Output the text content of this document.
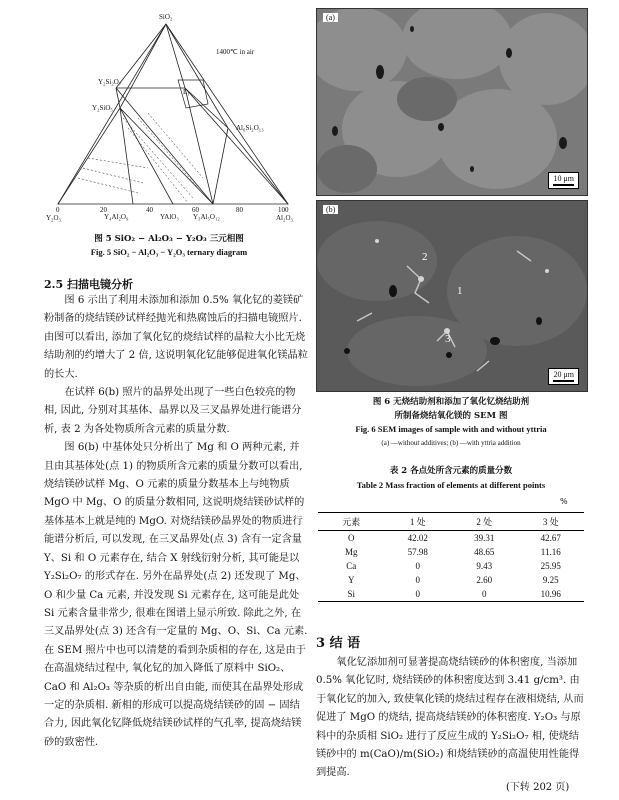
SiO₂
Y₂O₃	Al₂O₃
1400℃ in air
Y₂Si₂O₇
Y₂SiO₅
L₁
Al₆Si₂O₁₃
Y₄Al₂O₉	YAlO₃ Y₃Al₅O₁₂
0	20	40	60	80	100
图 5 SiO₂ − Al₂O₃ − Y₂O₃ 三元相图
Fig. 5 SiO₂ − Al₂O₃ − Y₂O₃ ternary diagram
2.5 扫描电镜分析

图 6 示出了利用未添加和添加 0.5% 氧化钇的菱镁矿粉制备的烧结镁砂试样经抛光和热腐蚀后的扫描电镜照片. 由图可以看出, 添加了氧化钇的烧结试样的晶粒大小比无烧结助剂的约增大了 2 倍, 这说明氧化钇能够促进氧化镁晶粒的长大.

在试样 6(b) 照片的晶界处出现了一些白色较亮的物相, 因此, 分别对其基体、晶界以及三叉晶界处进行能谱分析, 表 2 为各处物质所含元素的质量分数.

图 6(b) 中基体处只分析出了 Mg 和 O 两种元素, 并且由其基体处(点 1) 的物质所含元素的质量分数可以看出, 烧结镁砂试样 Mg、O 元素的质量分数基本上与纯物质 MgO 中 Mg、O 的质量分数相同, 这说明烧结镁砂试样的基体基本上就是纯的 MgO. 对烧结镁砂晶界处的物质进行能谱分析后, 可以发现, 在三叉晶界处(点 3) 含有一定含量 Y、Si 和 O 元素存在, 结合 X 射线衍射分析, 其可能是以 Y₂Si₂O₇ 的形式存在. 另外在晶界处(点 2) 还发现了 Mg、O 和少量 Ca 元素, 并没发现 Si 元素存在, 这可能是此处 Si 元素含量非常少, 很难在图谱上显示所致. 除此之外, 在三叉晶界处(点 3) 还含有一定量的 Mg、O、Si、Ca 元素. 在 SEM 照片中也可以清楚的看到杂质相的存在, 这是由于在高温烧结过程中, 氧化钇的加入降低了原料中 SiO₂、CaO 和 Al₂O₃ 等杂质的析出自由能, 而使其在晶界处形成一定的杂质相. 新相的形成可以提高烧结镁砂的固 − 固结合力, 因此氧化钇降低烧结镁砂试样的气孔率, 提高烧结镁砂的致密性.

(a)
10 μm
(b)
2
1
3
20 μm
图 6 无烧结助剂和添加了氧化钇烧结助剂
所制备烧结氧化镁的 SEM 图
Fig. 6 SEM images of sample with and without yttria
(a) —without additives; (b) —with yttria addition
表 2 各点处所含元素的质量分数
Table 2 Mass fraction of elements at different points
%
元素	1 处	2 处	3 处
O	42.02	39.31	42.67
Mg	57.98	48.65	11.16
Ca	0	9.43	25.95
Y	0	2.60	9.25
Si	0	0	10.96
3 结 语

氧化钇添加剂可显著提高烧结镁砂的体积密度, 当添加 0.5% 氧化钇时, 烧结镁砂的体积密度达到 3.41 g/cm³. 由于氧化钇的加入, 致使氧化镁的烧结过程存在液相烧结, 从而促进了 MgO 的烧结, 提高烧结镁砂的体积密度. Y₂O₃ 与原料中的杂质相 SiO₂ 进行了反应生成的 Y₂Si₂O₇ 相, 使烧结镁砂中的 m(CaO)/m(SiO₂) 和烧结镁砂的高温使用性能得到提高.

(下转 202 页)
